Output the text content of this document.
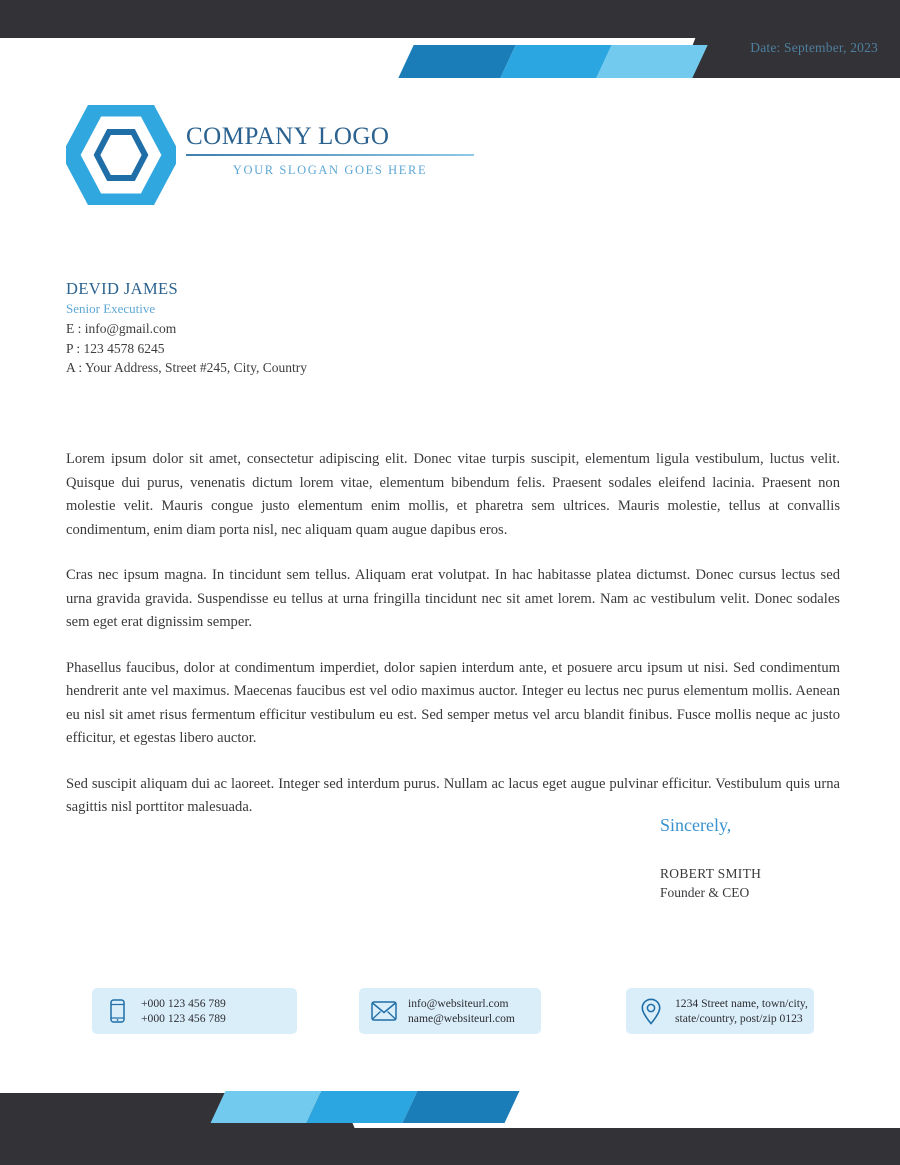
Date: September, 2023
COMPANY LOGO
YOUR SLOGAN GOES HERE
DEVID JAMES
Senior Executive
E : info@gmail.com
P : 123 4578 6245
A : Your Address, Street #245, City, Country

Lorem ipsum dolor sit amet, consectetur adipiscing elit. Donec vitae turpis suscipit, elementum ligula vestibulum, luctus velit. Quisque dui purus, venenatis dictum lorem vitae, elementum bibendum felis. Praesent sodales eleifend lacinia. Praesent non molestie velit. Mauris congue justo elementum enim mollis, et pharetra sem ultrices. Mauris molestie, tellus at convallis condimentum, enim diam porta nisl, nec aliquam quam augue dapibus eros.

Cras nec ipsum magna. In tincidunt sem tellus. Aliquam erat volutpat. In hac habitasse platea dictumst. Donec cursus lectus sed urna gravida gravida. Suspendisse eu tellus at urna fringilla tincidunt nec sit amet lorem. Nam ac vestibulum velit. Donec sodales sem eget erat dignissim semper.

Phasellus faucibus, dolor at condimentum imperdiet, dolor sapien interdum ante, et posuere arcu ipsum ut nisi. Sed condimentum hendrerit ante vel maximus. Maecenas faucibus est vel odio maximus auctor. Integer eu lectus nec purus elementum mollis. Aenean eu nisl sit amet risus fermentum efficitur vestibulum eu est. Sed semper metus vel arcu blandit finibus. Fusce mollis neque ac justo efficitur, et egestas libero auctor.

Sed suscipit aliquam dui ac laoreet. Integer sed interdum purus. Nullam ac lacus eget augue pulvinar efficitur. Vestibulum quis urna sagittis nisl porttitor malesuada.

Sincerely,
ROBERT SMITH
Founder & CEO
+000 123 456 789
+000 123 456 789
info@websiteurl.com
name@websiteurl.com
1234 Street name, town/city,
state/country, post/zip 0123
